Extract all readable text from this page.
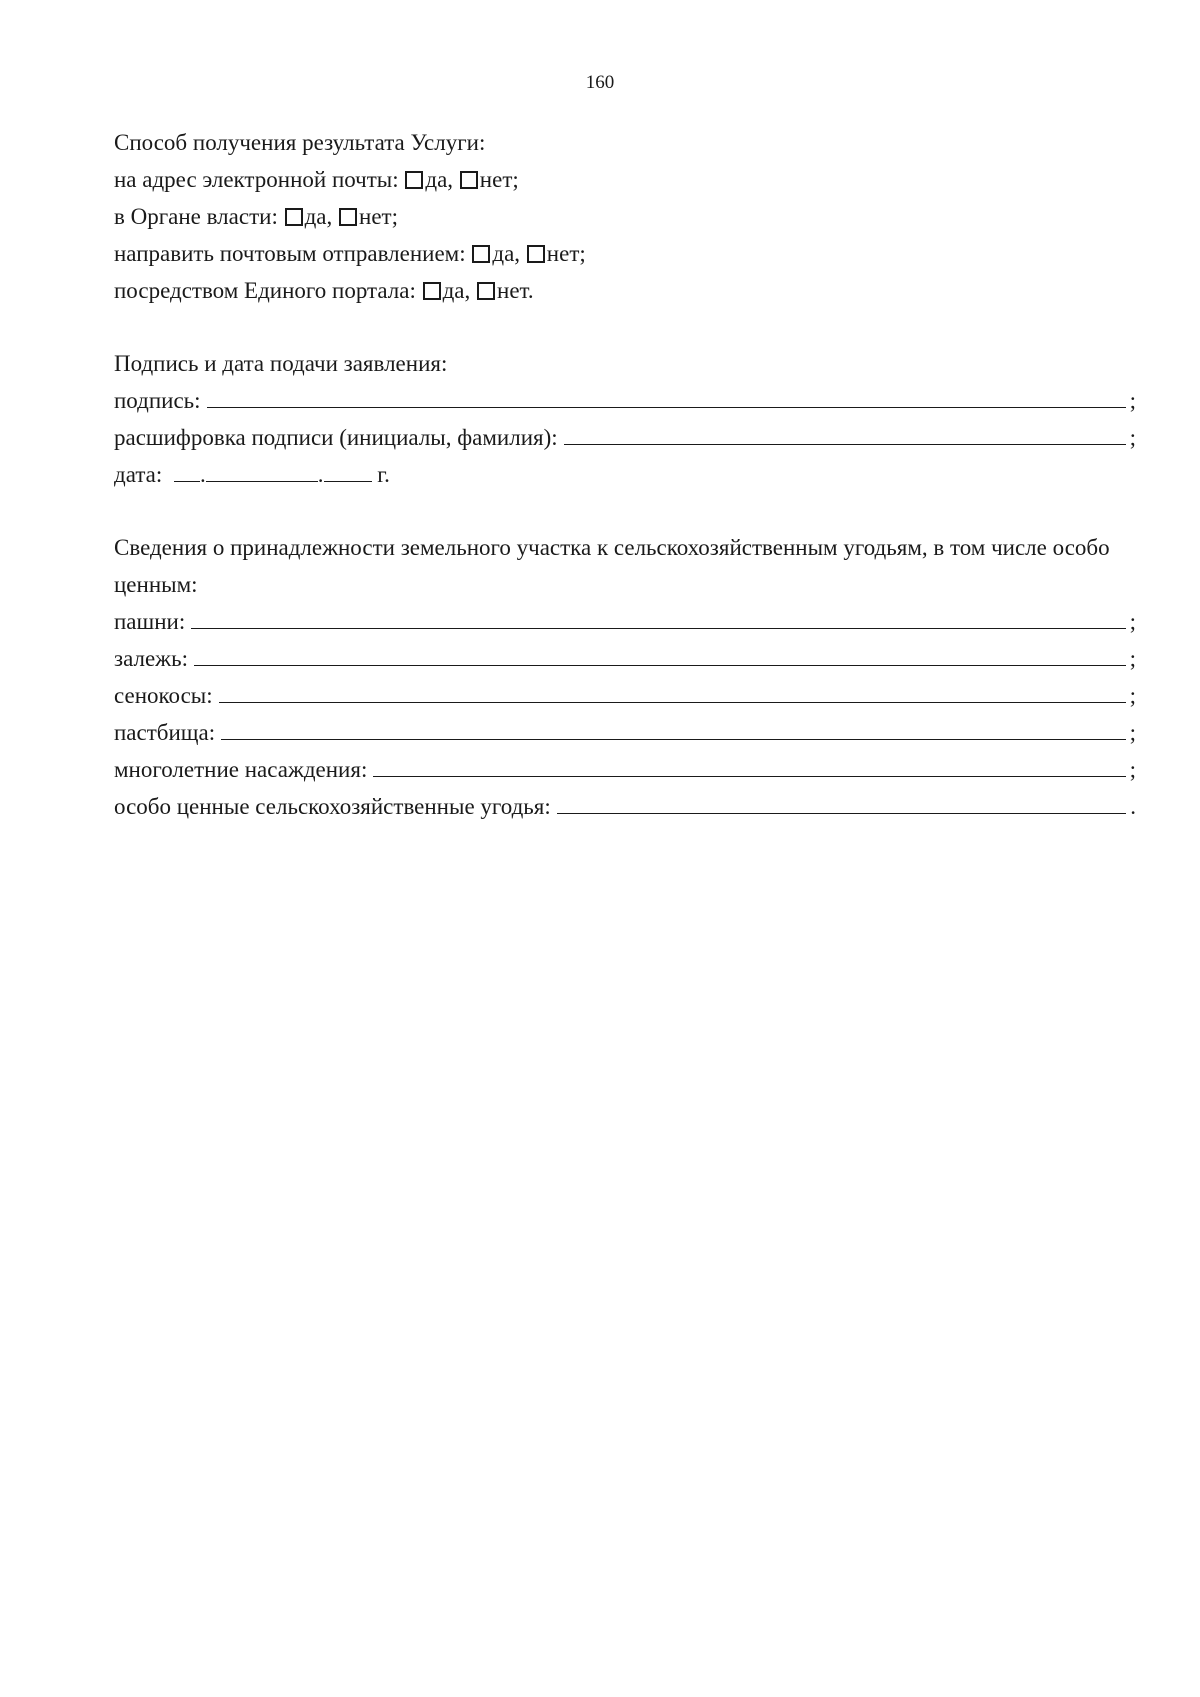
160
Способ получения результата Услуги:
на адрес электронной почты: да, нет;
в Органе власти: да, нет;
направить почтовым отправлением: да, нет;
посредством Единого портала: да, нет.
Подпись и дата подачи заявления:
подпись:	;
расшифровка подписи (инициалы, фамилия):	;
дата: .	. г.
Сведения о принадлежности земельного участка к сельскохозяйственным угодьям, в том числе особо ценным:
пашни:	;
залежь:	;
сенокосы:	;
пастбища:	;
многолетние насаждения:	;
особо ценные сельскохозяйственные угодья:	.
